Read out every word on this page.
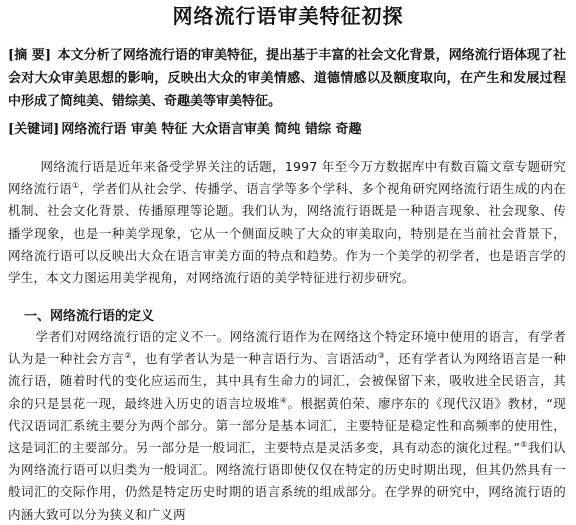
网络流行语审美特征初探
[摘 要] 本文分析了网络流行语的审美特征，提出基于丰富的社会文化背景，网络流行语体现了社会对大众审美思想的影响，反映出大众的审美情感、道德情感以及额度取向，在产生和发展过程中形成了简纯美、错综美、奇趣美等审美特征。
[关键词] 网络流行语 审美 特征 大众语言审美 简纯 错综 奇趣

网络流行语是近年来备受学界关注的话题，1997 年至今万方数据库中有数百篇文章专题研究网络流行语①，学者们从社会学、传播学、语言学等多个学科、多个视角研究网络流行语生成的内在机制、社会文化背景、传播原理等论题。我们认为，网络流行语既是一种语言现象、社会现象、传播学现象，也是一种美学现象，它从一个侧面反映了大众的审美取向，特别是在当前社会背景下，网络流行语可以反映出大众在语言审美方面的特点和趋势。作为一个美学的初学者，也是语言学的学生，本文力图运用美学视角，对网络流行语的美学特征进行初步研究。

一、网络流行语的定义

学者们对网络流行语的定义不一。网络流行语作为在网络这个特定环境中使用的语言，有学者认为是一种社会方言②，也有学者认为是一种言语行为、言语活动③，还有学者认为网络语言是一种流行语，随着时代的变化应运而生，其中具有生命力的词汇，会被保留下来，吸收进全民语言，其余的只是昙花一现，最终进入历史的语言垃圾堆④。根据黄伯荣、廖序东的《现代汉语》教材，“现代汉语词汇系统主要分为两个部分。第一部分是基本词汇，主要特征是稳定性和高频率的使用性，这是词汇的主要部分。另一部分是一般词汇，主要特点是灵活多变，具有动态的演化过程。”⑤我们认为网络流行语可以归类为一般词汇。网络流行语即使仅仅在特定的历史时期出现，但其仍然具有一般词汇的交际作用，仍然是特定历史时期的语言系统的组成部分。在学界的研究中，网络流行语的内涵大致可以分为狭义和广义两
